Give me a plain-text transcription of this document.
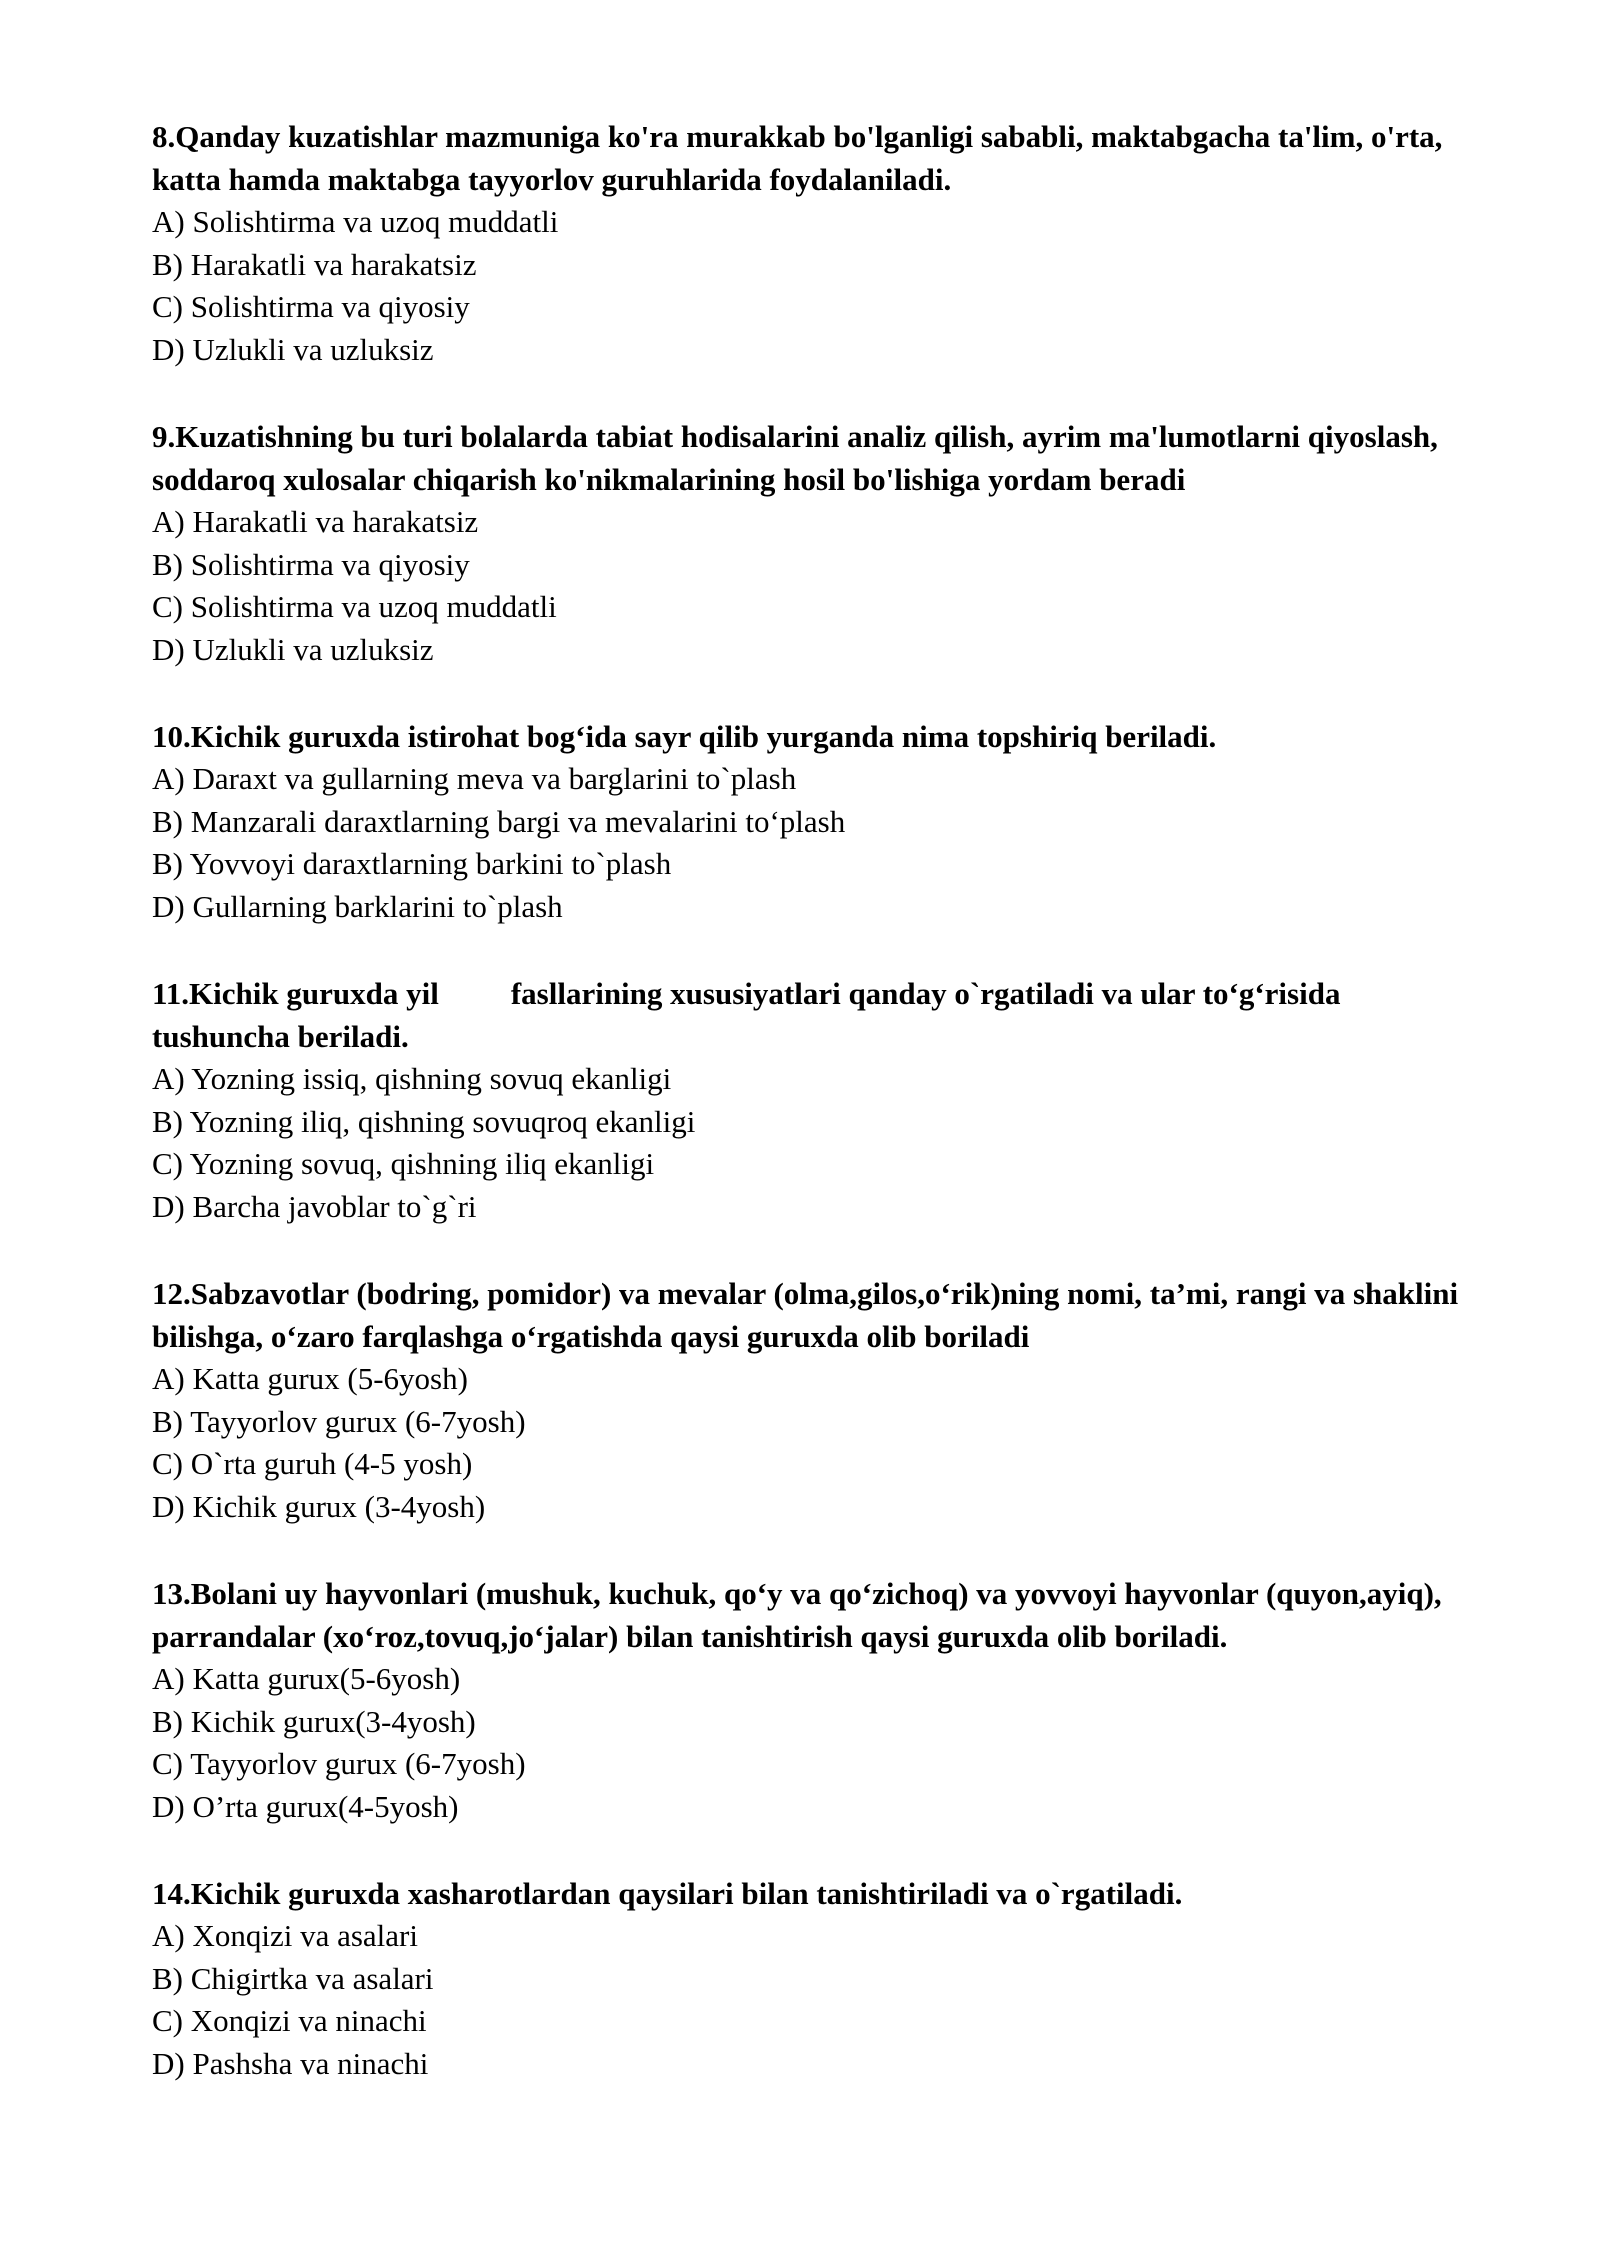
8.Qanday kuzatishlar mazmuniga ko'ra murakkab bo'lganligi sababli, maktabgacha ta'lim, o'rta, katta hamda maktabga tayyorlov guruhlarida foydalaniladi.

A) Solishtirma va uzoq muddatli

B) Harakatli va harakatsiz

C) Solishtirma va qiyosiy

D) Uzlukli va uzluksiz

9.Kuzatishning bu turi bolalarda tabiat hodisalarini analiz qilish, ayrim ma'lumotlarni qiyoslash, soddaroq xulosalar chiqarish ko'nikmalarining hosil bo'lishiga yordam beradi

A) Harakatli va harakatsiz

B) Solishtirma va qiyosiy

C) Solishtirma va uzoq muddatli

D) Uzlukli va uzluksiz

10.Kichik guruxda istirohat bog‘ida sayr qilib yurganda nima topshiriq beriladi.

A) Daraxt va gullarning meva va barglarini to`plash

B) Manzarali daraxtlarning bargi va mevalarini to‘plash

B) Yovvoyi daraxtlarning barkini to`plash

D) Gullarning barklarini to`plash

11.Kichik guruxda yil fasllarining xususiyatlari qanday o`rgatiladi va ular to‘g‘risida tushuncha beriladi.

A) Yozning issiq, qishning sovuq ekanligi

B) Yozning iliq, qishning sovuqroq ekanligi

C) Yozning sovuq, qishning iliq ekanligi

D) Barcha javoblar to`g`ri

12.Sabzavotlar (bodring, pomidor) va mevalar (olma,gilos,o‘rik)ning nomi, ta’mi, rangi va shaklini bilishga, o‘zaro farqlashga o‘rgatishda qaysi guruxda olib boriladi

A) Katta gurux (5-6yosh)

B) Tayyorlov gurux (6-7yosh)

C) O`rta guruh (4-5 yosh)

D) Kichik gurux (3-4yosh)

13.Bolani uy hayvonlari (mushuk, kuchuk, qo‘y va qo‘zichoq) va yovvoyi hayvonlar (quyon,ayiq), parrandalar (xo‘roz,tovuq,jo‘jalar) bilan tanishtirish qaysi guruxda olib boriladi.

A) Katta gurux(5-6yosh)

B) Kichik gurux(3-4yosh)

C) Tayyorlov gurux (6-7yosh)

D) O’rta gurux(4-5yosh)

14.Kichik guruxda xasharotlardan qaysilari bilan tanishtiriladi va o`rgatiladi.

A) Xonqizi va asalari

B) Chigirtka va asalari

C) Xonqizi va ninachi

D) Pashsha va ninachi
